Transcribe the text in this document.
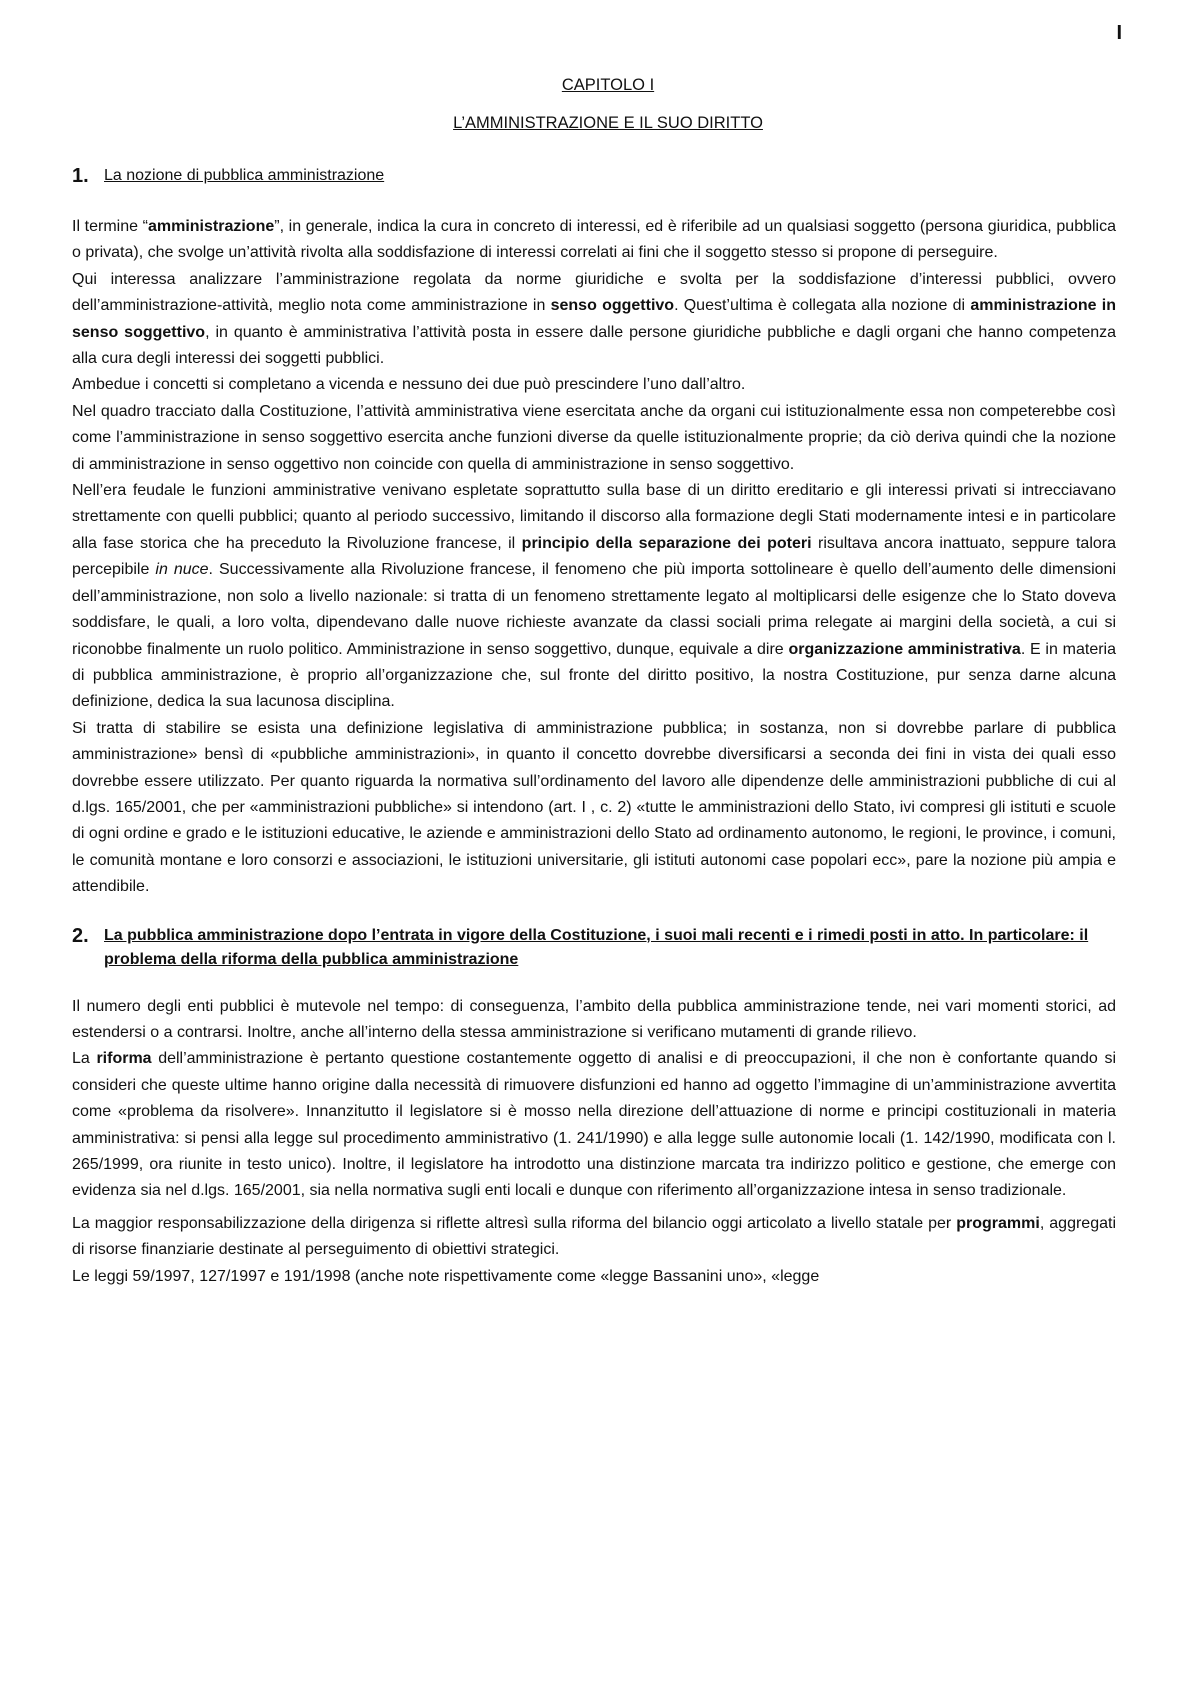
I
CAPITOLO I
L’AMMINISTRAZIONE E IL SUO DIRITTO
1. La nozione di pubblica amministrazione

Il termine “amministrazione”, in generale, indica la cura in concreto di interessi, ed è riferibile ad un qualsiasi soggetto (persona giuridica, pubblica o privata), che svolge un’attività rivolta alla soddisfazione di interessi correlati ai fini che il soggetto stesso si propone di perseguire.

Qui interessa analizzare l’amministrazione regolata da norme giuridiche e svolta per la soddisfazione d’interessi pubblici, ovvero dell’amministrazione-attività, meglio nota come amministrazione in senso oggettivo. Quest’ultima è collegata alla nozione di amministrazione in senso soggettivo, in quanto è amministrativa l’attività posta in essere dalle persone giuridiche pubbliche e dagli organi che hanno competenza alla cura degli interessi dei soggetti pubblici.

Ambedue i concetti si completano a vicenda e nessuno dei due può prescindere l’uno dall’altro.

Nel quadro tracciato dalla Costituzione, l’attività amministrativa viene esercitata anche da organi cui istituzionalmente essa non competerebbe così come l’amministrazione in senso soggettivo esercita anche funzioni diverse da quelle istituzionalmente proprie; da ciò deriva quindi che la nozione di amministrazione in senso oggettivo non coincide con quella di amministrazione in senso soggettivo.

Nell’era feudale le funzioni amministrative venivano espletate soprattutto sulla base di un diritto ereditario e gli interessi privati si intrecciavano strettamente con quelli pubblici; quanto al periodo successivo, limitando il discorso alla formazione degli Stati modernamente intesi e in particolare alla fase storica che ha preceduto la Rivoluzione francese, il principio della separazione dei poteri risultava ancora inattuato, seppure talora percepibile in nuce. Successivamente alla Rivoluzione francese, il fenomeno che più importa sottolineare è quello dell’aumento delle dimensioni dell’amministrazione, non solo a livello nazionale: si tratta di un fenomeno strettamente legato al moltiplicarsi delle esigenze che lo Stato doveva soddisfare, le quali, a loro volta, dipendevano dalle nuove richieste avanzate da classi sociali prima relegate ai margini della società, a cui si riconobbe finalmente un ruolo politico. Amministrazione in senso soggettivo, dunque, equivale a dire organizzazione amministrativa. E in materia di pubblica amministrazione, è proprio all’organizzazione che, sul fronte del diritto positivo, la nostra Costituzione, pur senza darne alcuna definizione, dedica la sua lacunosa disciplina.

Si tratta di stabilire se esista una definizione legislativa di amministrazione pubblica; in sostanza, non si dovrebbe parlare di pubblica amministrazione» bensì di «pubbliche amministrazioni», in quanto il concetto dovrebbe diversificarsi a seconda dei fini in vista dei quali esso dovrebbe essere utilizzato. Per quanto riguarda la normativa sull’ordinamento del lavoro alle dipendenze delle amministrazioni pubbliche di cui al d.lgs. 165/2001, che per «amministrazioni pubbliche» si intendono (art. I , c. 2) «tutte le amministrazioni dello Stato, ivi compresi gli istituti e scuole di ogni ordine e grado e le istituzioni educative, le aziende e amministrazioni dello Stato ad ordinamento autonomo, le regioni, le province, i comuni, le comunità montane e loro consorzi e associazioni, le istituzioni universitarie, gli istituti autonomi case popolari ecc», pare la nozione più ampia e attendibile.

2. La pubblica amministrazione dopo l’entrata in vigore della Costituzione, i suoi mali recenti e i rimedi posti in atto. In particolare: il problema della riforma della pubblica amministrazione

Il numero degli enti pubblici è mutevole nel tempo: di conseguenza, l’ambito della pubblica amministrazione tende, nei vari momenti storici, ad estendersi o a contrarsi. Inoltre, anche all’interno della stessa amministrazione si verificano mutamenti di grande rilievo.

La riforma dell’amministrazione è pertanto questione costantemente oggetto di analisi e di preoccupazioni, il che non è confortante quando si consideri che queste ultime hanno origine dalla necessità di rimuovere disfunzioni ed hanno ad oggetto l’immagine di un’amministrazione avvertita come «problema da risolvere». Innanzitutto il legislatore si è mosso nella direzione dell’attuazione di norme e principi costituzionali in materia amministrativa: si pensi alla legge sul procedimento amministrativo (1. 241/1990) e alla legge sulle autonomie locali (1. 142/1990, modificata con l. 265/1999, ora riunite in testo unico). Inoltre, il legislatore ha introdotto una distinzione marcata tra indirizzo politico e gestione, che emerge con evidenza sia nel d.lgs. 165/2001, sia nella normativa sugli enti locali e dunque con riferimento all’organizzazione intesa in senso tradizionale.

La maggior responsabilizzazione della dirigenza si riflette altresì sulla riforma del bilancio oggi articolato a livello statale per programmi, aggregati di risorse finanziarie destinate al perseguimento di obiettivi strategici.

Le leggi 59/1997, 127/1997 e 191/1998 (anche note rispettivamente come «legge Bassanini uno», «legge
